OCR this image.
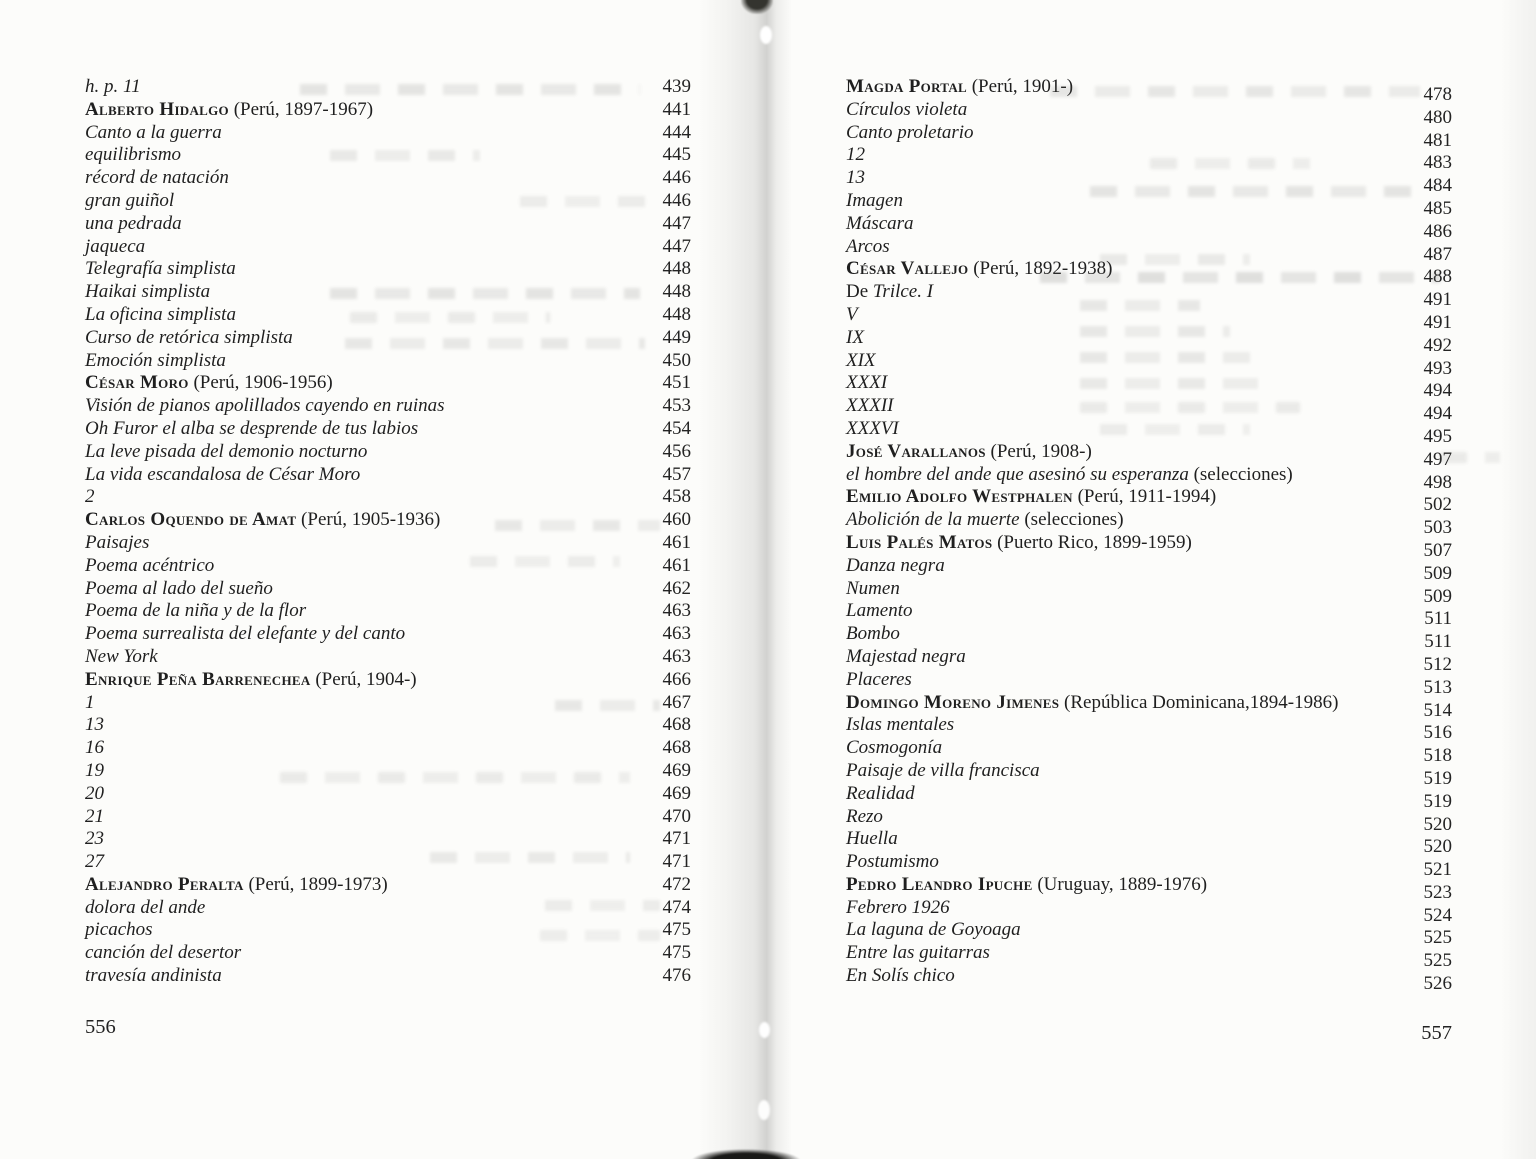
h. p. 11	439
Alberto Hidalgo (Perú, 1897-1967)	441
Canto a la guerra	444
equilibrismo	445
récord de natación	446
gran guiñol	446
una pedrada	447
jaqueca	447
Telegrafía simplista	448
Haikai simplista	448
La oficina simplista	448
Curso de retórica simplista	449
Emoción simplista	450
César Moro (Perú, 1906-1956)	451
Visión de pianos apolillados cayendo en ruinas	453
Oh Furor el alba se desprende de tus labios	454
La leve pisada del demonio nocturno	456
La vida escandalosa de César Moro	457
2	458
Carlos Oquendo de Amat (Perú, 1905-1936)	460
Paisajes	461
Poema acéntrico	461
Poema al lado del sueño	462
Poema de la niña y de la flor	463
Poema surrealista del elefante y del canto	463
New York	463
Enrique Peña Barrenechea (Perú, 1904-)	466
1	467
13	468
16	468
19	469
20	469
21	470
23	471
27	471
Alejandro Peralta (Perú, 1899-1973)	472
dolora del ande	474
picachos	475
canción del desertor	475
travesía andinista	476
556
Magda Portal (Perú, 1901-)	478
Círculos violeta	480
Canto proletario	481
12	483
13	484
Imagen	485
Máscara	486
Arcos	487
César Vallejo (Perú, 1892-1938)	488
De Trilce. I	491
V	491
IX	492
XIX	493
XXXI	494
XXXII	494
XXXVI	495
José Varallanos (Perú, 1908-)	497
el hombre del ande que asesinó su esperanza (selecciones)	498
Emilio Adolfo Westphalen (Perú, 1911-1994)	502
Abolición de la muerte (selecciones)	503
Luis Palés Matos (Puerto Rico, 1899-1959)	507
Danza negra	509
Numen	509
Lamento	511
Bombo	511
Majestad negra	512
Placeres	513
Domingo Moreno Jimenes (República Dominicana,1894-1986)	514
Islas mentales	516
Cosmogonía	518
Paisaje de villa francisca	519
Realidad	519
Rezo	520
Huella	520
Postumismo	521
Pedro Leandro Ipuche (Uruguay, 1889-1976)	523
Febrero 1926	524
La laguna de Goyoaga	525
Entre las guitarras	525
En Solís chico	526
557
